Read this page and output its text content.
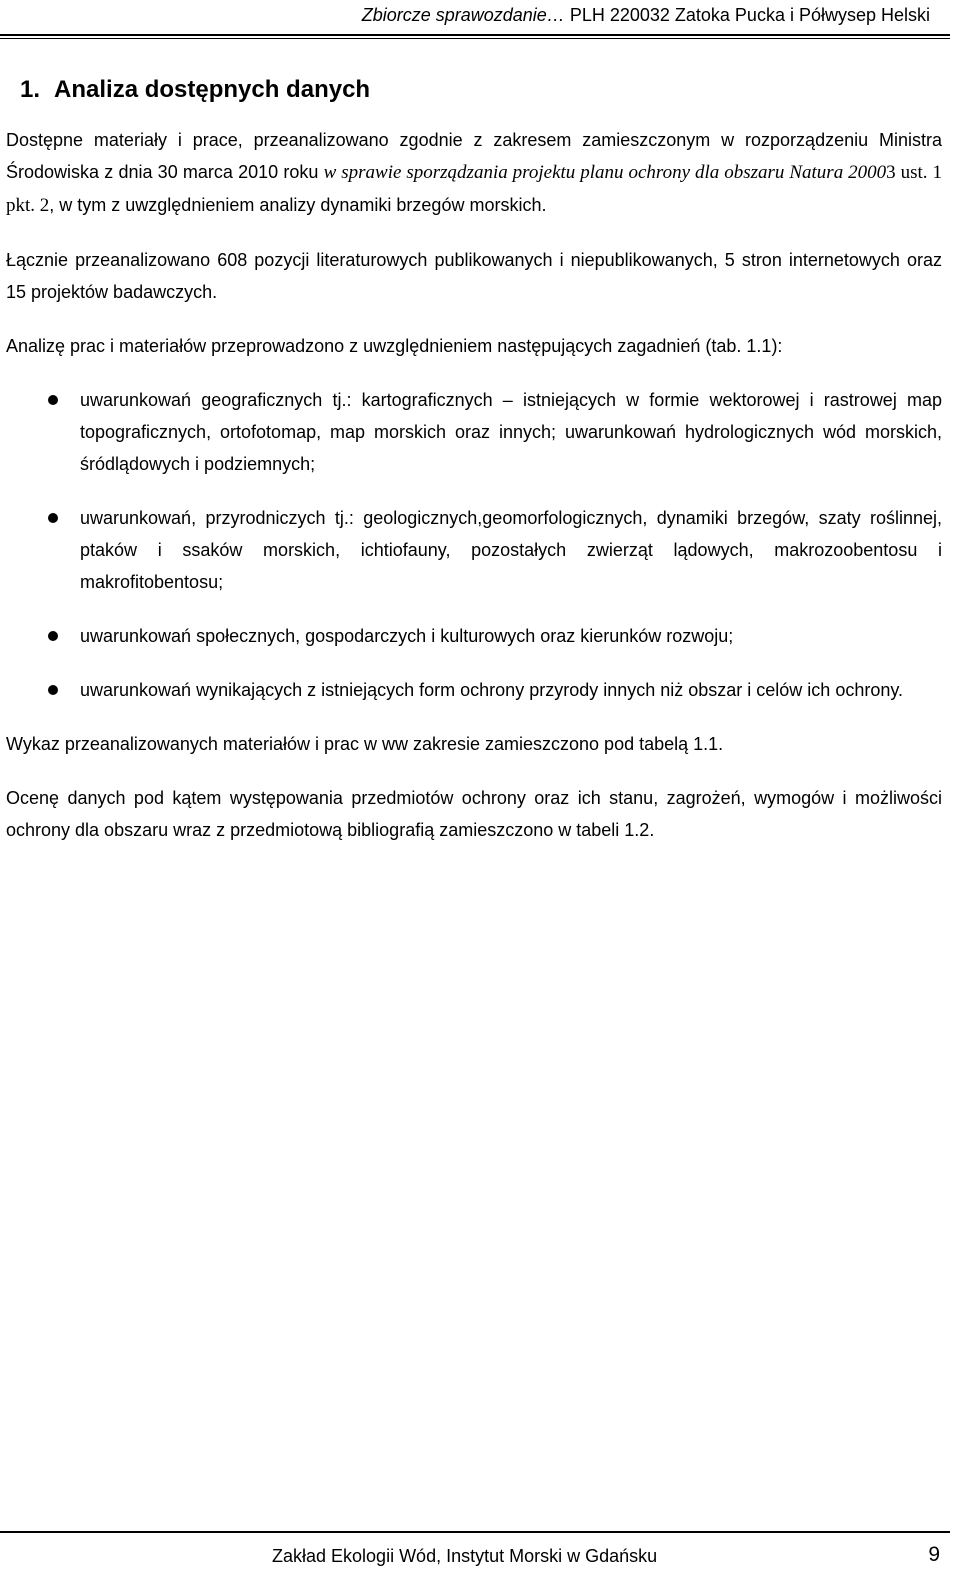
Zbiorcze sprawozdanie… PLH 220032 Zatoka Pucka i Półwysep Helski
1. Analiza dostępnych danych

Dostępne materiały i prace, przeanalizowano zgodnie z zakresem zamieszczonym w rozporządzeniu Ministra Środowiska z dnia 30 marca 2010 roku w sprawie sporządzania projektu planu ochrony dla obszaru Natura 20003 ust. 1 pkt. 2, w tym z uwzględnieniem analizy dynamiki brzegów morskich.

Łącznie przeanalizowano 608 pozycji literaturowych publikowanych i niepublikowanych, 5 stron internetowych oraz 15 projektów badawczych.

Analizę prac i materiałów przeprowadzono z uwzględnieniem następujących zagadnień (tab. 1.1):

uwarunkowań geograficznych tj.: kartograficznych – istniejących w formie wektorowej i rastrowej map topograficznych, ortofotomap, map morskich oraz innych; uwarunkowań hydrologicznych wód morskich, śródlądowych i podziemnych;
uwarunkowań, przyrodniczych tj.: geologicznych,geomorfologicznych, dynamiki brzegów, szaty roślinnej, ptaków i ssaków morskich, ichtiofauny, pozostałych zwierząt lądowych, makrozoobentosu i makrofitobentosu;
uwarunkowań społecznych, gospodarczych i kulturowych oraz kierunków rozwoju;
uwarunkowań wynikających z istniejących form ochrony przyrody innych niż obszar i celów ich ochrony.

Wykaz przeanalizowanych materiałów i prac w ww zakresie zamieszczono pod tabelą 1.1.

Ocenę danych pod kątem występowania przedmiotów ochrony oraz ich stanu, zagrożeń, wymogów i możliwości ochrony dla obszaru wraz z przedmiotową bibliografią zamieszczono w tabeli 1.2.

Zakład Ekologii Wód, Instytut Morski w Gdańsku	9
